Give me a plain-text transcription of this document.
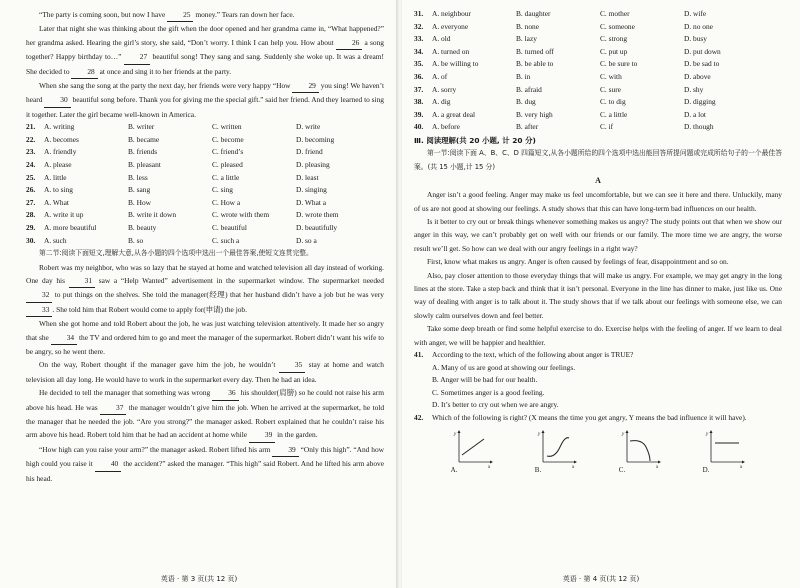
“The party is coming soon, but now I have 25 money.” Tears ran down her face.

Later that night she was thinking about the gift when the door opened and her grandma came in, “What happened?” her grandma asked. Hearing the girl’s story, she said, “Don’t worry. I think I can help you. How about 26 a song together? Happy birthday to…” 27 beautiful song! They sang and sang. Suddenly she woke up. It was a dream! She decided to 28 at once and sing it to her friends at the party.

When she sang the song at the party the next day, her friends were very happy “How 29 you sing! We haven’t heard 30 beautiful song before. Thank you for giving me the special gift.” said her friend. And they learned to sing it together. Later the girl became well-known in America.

21.	A. writing	B. writer	C. written	D. write
22.	A. becomes	B. became	C. become	D. becoming
23.	A. friendly	B. friends	C. friend’s	D. friend
24.	A. please	B. pleasant	C. pleased	D. pleasing
25.	A. little	B. less	C. a little	D. least
26.	A. to sing	B. sang	C. sing	D. singing
27.	A. What	B. How	C. How a	D. What a
28.	A. write it up	B. write it down	C. wrote with them	D. wrote them
29.	A. more beautiful	B. beauty	C. beautiful	D. beautifully
30.	A. such	B. so	C. such a	D. so a

第二节:阅读下面短文,理解大意,从各小题的四个选项中选出一个最佳答案,使短文连贯完整。

Robert was my neighbor, who was so lazy that he stayed at home and watched television all day instead of working. One day his 31 saw a “Help Wanted” advertisement in the supermarket window. The supermarket needed 32 to put things on the shelves. She told the manager(经理) that her husband didn’t have a job but he was very 33 . She told him that Robert would come to apply for(申请) the job.

When she got home and told Robert about the job, he was just watching television attentively. It made her so angry that she 34 the TV and ordered him to go and meet the manager of the supermarket. Robert didn’t want his wife to be angry, so he went there.

On the way, Robert thought if the manager gave him the job, he wouldn’t 35 stay at home and watch television all day long. He would have to work in the supermarket every day. Then he had an idea.

He decided to tell the manager that something was wrong 36 his shoulder(肩膀) so he could not raise his arm above his head. He was 37 the manager wouldn’t give him the job. When he arrived at the supermarket, he told the manager that he needed the job. “Are you strong?” the manager asked. Robert explained that he couldn’t raise his arm above his head. Robert told him that he had an accident at home while 39 in the garden.

“How high can you raise your arm?” the manager asked. Robert lifted his arm 39 “Only this high”. “And how high could you raise it 40 the accident?” asked the manager. “This high” said Robert. And he lifted his arm above his head.

英语 · 第 3 页(共 12 页)
31.	A. neighbour	B. daughter	C. mother	D. wife
32.	A. everyone	B. none	C. someone	D. no one
33.	A. old	B. lazy	C. strong	D. busy
34.	A. turned on	B. turned off	C. put up	D. put down
35.	A. be willing to	B. be able to	C. be sure to	D. be sad to
36.	A. of	B. in	C. with	D. above
37.	A. sorry	B. afraid	C. sure	D. shy
38.	A. dig	B. dug	C. to dig	D. digging
39.	A. a great deal	B. very high	C. a little	D. a lot
40.	A. before	B. after	C. if	D. though
Ⅲ. 阅读理解(共 20 小题, 计 20 分)

第一节:阅读下面 A、B、C、D 四篇短文,从各小题所给的四个选项中选出能回答所提问题或完成所给句子的一个最佳答案。(共 15 小题,计 15 分)

A

Anger isn’t a good feeling. Anger may make us feel uncomfortable, but we can see it here and there. Unluckily, many of us are not good at showing our feelings. A study shows that this can have long-term bad influences on our health.

Is it better to cry out or break things whenever something makes us angry? The study points out that when we show our anger in this way, we can’t probably get on well with our friends or our family. The more time we are angry, the worse result we’ll get. So how can we deal with our angry feelings in a right way?

First, know what makes us angry. Anger is often caused by feelings of fear, disappointment and so on.

Also, pay closer attention to those everyday things that will make us angry. For example, we may get angry in the long lines at the store. Take a step back and think that it isn’t personal. Everyone in the line has dinner to make, just like us. One way of dealing with anger is to talk about it. The study shows that if we talk about our feelings with someone else, we can slowly calm ourselves down and feel better.

Take some deep breath or find some helpful exercise to do. Exercise helps with the feeling of anger. If we learn to deal with anger, we will be happier and healthier.

41.	According to the text, which of the following about anger is TRUE?
A. Many of us are good at showing our feelings.
B. Anger will be bad for our health.
C. Sometimes anger is a good feeling.
D. It’s better to cry out when we are angry.
42.	Which of the following is right? (X means the time you get angry, Y means the bad influence it will have).
y
x
A.
y
x
B.
y
x
C.
y
x
D.
英语 · 第 4 页(共 12 页)
